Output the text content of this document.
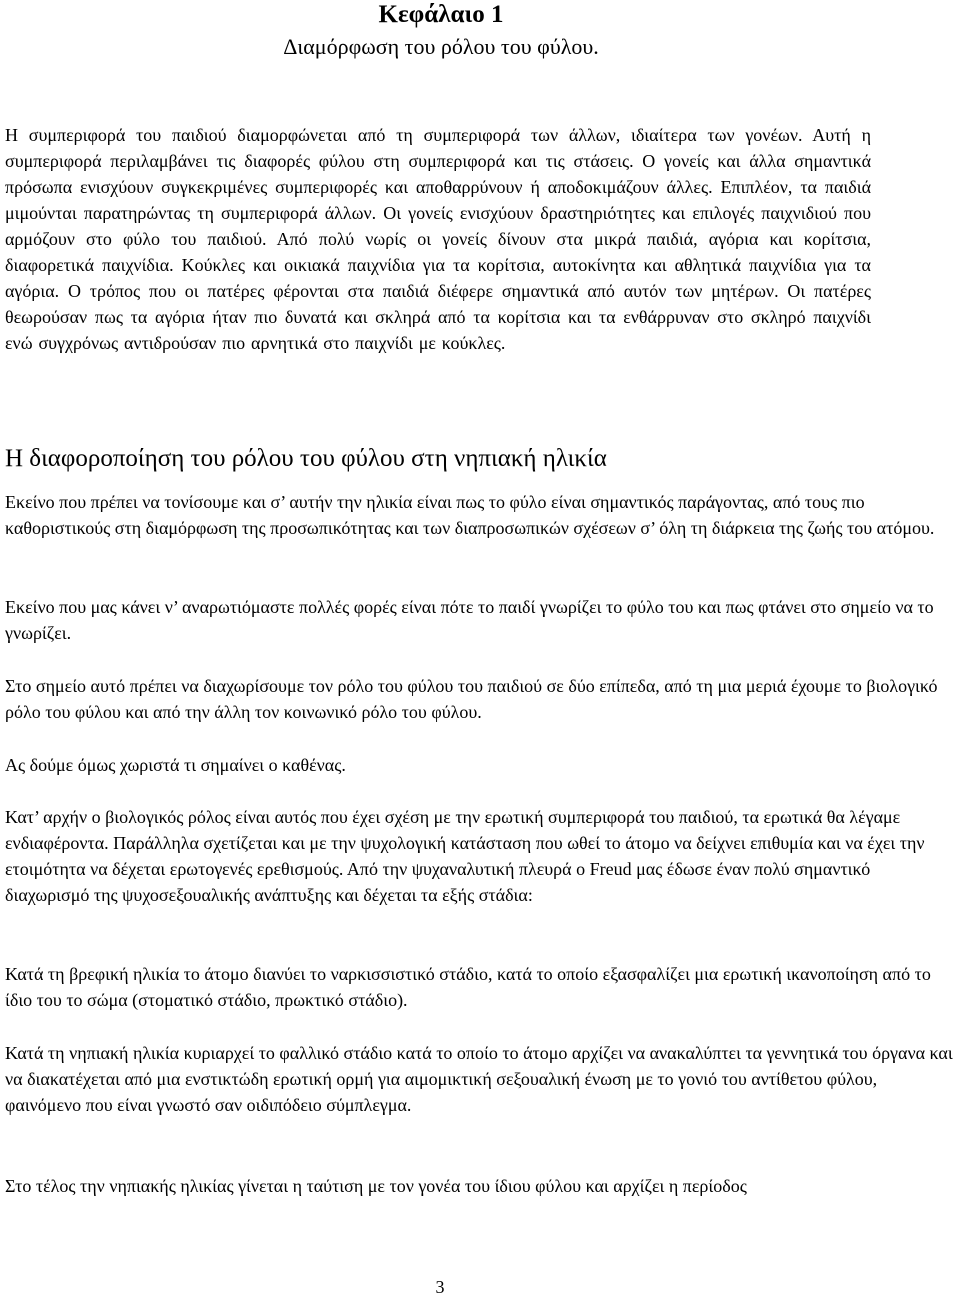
Κεφάλαιο 1
Διαμόρφωση του ρόλου του φύλου.

Η συμπεριφορά του παιδιού διαμορφώνεται από τη συμπεριφορά των άλλων, ιδιαίτερα των γονέων. Αυτή η συμπεριφορά περιλαμβάνει τις διαφορές φύλου στη συμπεριφορά και τις στάσεις. Ο γονείς και άλλα σημαντικά πρόσωπα ενισχύουν συγκεκριμένες συμπεριφορές και αποθαρρύνουν ή αποδοκιμάζουν άλλες. Επιπλέον, τα παιδιά μιμούνται παρατηρώντας τη συμπεριφορά άλλων. Οι γονείς ενισχύουν δραστηριότητες και επιλογές παιχνιδιού που αρμόζουν στο φύλο του παιδιού. Από πολύ νωρίς οι γονείς δίνουν στα μικρά παιδιά, αγόρια και κορίτσια, διαφορετικά παιχνίδια. Κούκλες και οικιακά παιχνίδια για τα κορίτσια, αυτοκίνητα και αθλητικά παιχνίδια για τα αγόρια. Ο τρόπος που οι πατέρες φέρονται στα παιδιά διέφερε σημαντικά από αυτόν των μητέρων. Οι πατέρες θεωρούσαν πως τα αγόρια ήταν πιο δυνατά και σκληρά από τα κορίτσια και τα ενθάρρυναν στο σκληρό παιχνίδι ενώ συγχρόνως αντιδρούσαν πιο αρνητικά στο παιχνίδι με κούκλες.

Η διαφοροποίηση του ρόλου του φύλου στη νηπιακή ηλικία

Εκείνο που πρέπει να τονίσουμε και σ’ αυτήν την ηλικία είναι πως το φύλο είναι σημαντικός παράγοντας, από τους πιο καθοριστικούς στη διαμόρφωση της προσωπικότητας και των διαπροσωπικών σχέσεων σ’ όλη τη διάρκεια της ζωής του ατόμου.

Εκείνο που μας κάνει ν’ αναρωτιόμαστε πολλές φορές είναι πότε το παιδί γνωρίζει το φύλο του και πως φτάνει στο σημείο να το γνωρίζει.

Στο σημείο αυτό πρέπει να διαχωρίσουμε τον ρόλο του φύλου του παιδιού σε δύο επίπεδα, από τη μια μεριά έχουμε το βιολογικό ρόλο του φύλου και από την άλλη τον κοινωνικό ρόλο του φύλου.

Ας δούμε όμως χωριστά τι σημαίνει ο καθένας.

Κατ’ αρχήν ο βιολογικός ρόλος είναι αυτός που έχει σχέση με την ερωτική συμπεριφορά του παιδιού, τα ερωτικά θα λέγαμε ενδιαφέροντα. Παράλληλα σχετίζεται και με την ψυχολογική κατάσταση που ωθεί το άτομο να δείχνει επιθυμία και να έχει την ετοιμότητα να δέχεται ερωτογενές ερεθισμούς. Από την ψυχαναλυτική πλευρά ο Freud μας έδωσε έναν πολύ σημαντικό διαχωρισμό της ψυχοσεξουαλικής ανάπτυξης και δέχεται τα εξής στάδια:

Κατά τη βρεφική ηλικία το άτομο διανύει το ναρκισσιστικό στάδιο, κατά το οποίο εξασφαλίζει μια ερωτική ικανοποίηση από το ίδιο του το σώμα (στοματικό στάδιο, πρωκτικό στάδιο).

Κατά τη νηπιακή ηλικία κυριαρχεί το φαλλικό στάδιο κατά το οποίο το άτομο αρχίζει να ανακαλύπτει τα γεννητικά του όργανα και να διακατέχεται από μια ενστικτώδη ερωτική ορμή για αιμομικτική σεξουαλική ένωση με το γονιό του αντίθετου φύλου, φαινόμενο που είναι γνωστό σαν οιδιπόδειο σύμπλεγμα.

Στο τέλος την νηπιακής ηλικίας γίνεται η ταύτιση με τον γονέα του ίδιου φύλου και αρχίζει η περίοδος

3
